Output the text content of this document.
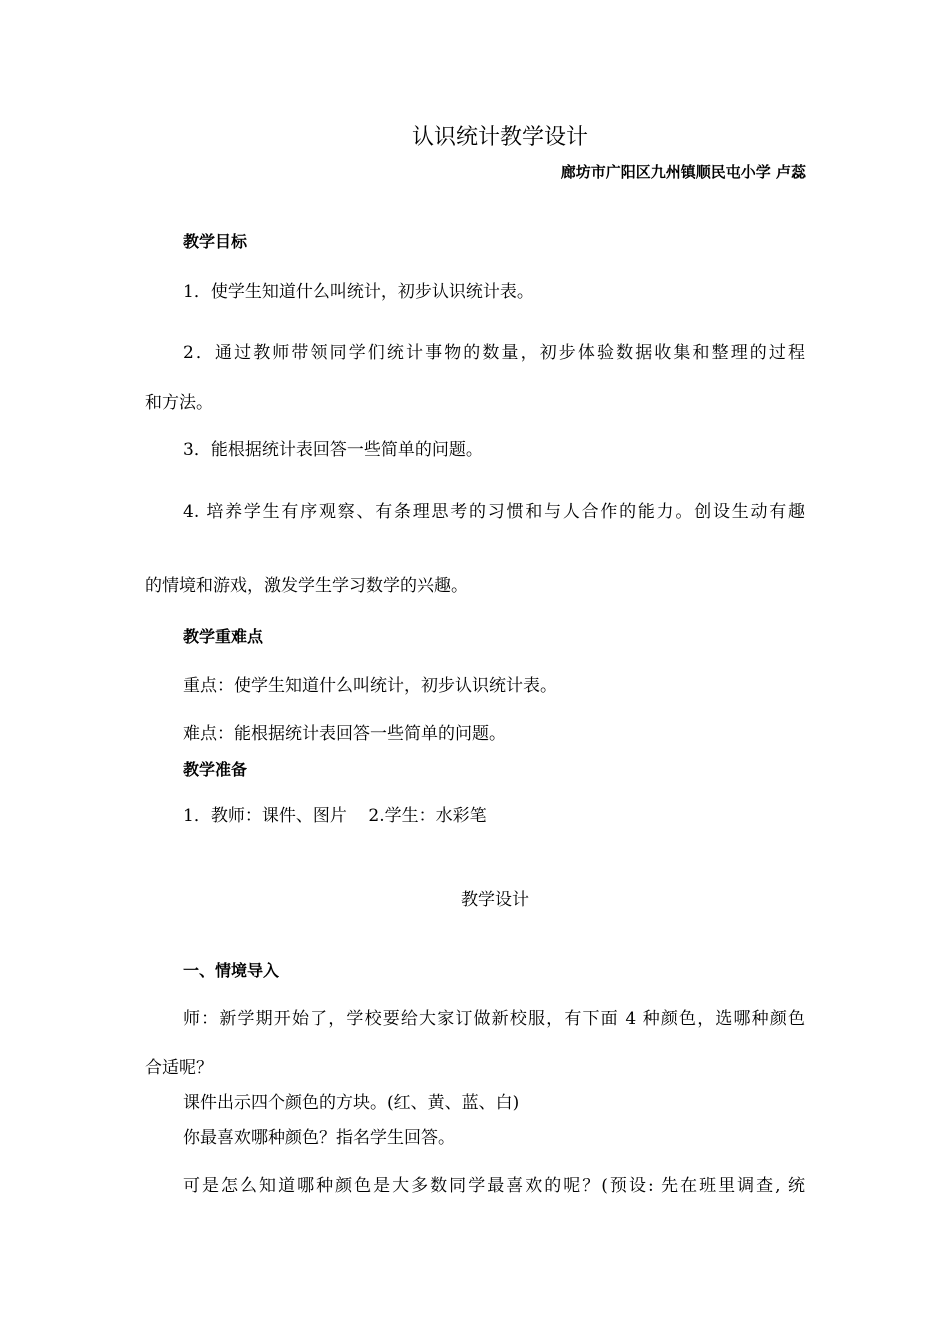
认识统计教学设计
廊坊市广阳区九州镇顺民屯小学 卢蕊
教学目标
1．使学生知道什么叫统计，初步认识统计表。
2．通过教师带领同学们统计事物的数量，初步体验数据收集和整理的过程
和方法。
3．能根据统计表回答一些简单的问题。
4. 培养学生有序观察、有条理思考的习惯和与人合作的能力。创设生动有趣
的情境和游戏，激发学生学习数学的兴趣。
教学重难点
重点：使学生知道什么叫统计，初步认识统计表。
难点：能根据统计表回答一些简单的问题。
教学准备
1．教师：课件、图片    2.学生：水彩笔
教学设计
一、情境导入
师：新学期开始了，学校要给大家订做新校服，有下面 4 种颜色，选哪种颜色
合适呢？
课件出示四个颜色的方块。(红、黄、蓝、白)
你最喜欢哪种颜色？指名学生回答。
可是怎么知道哪种颜色是大多数同学最喜欢的呢？(预设: 先在班里调查, 统
